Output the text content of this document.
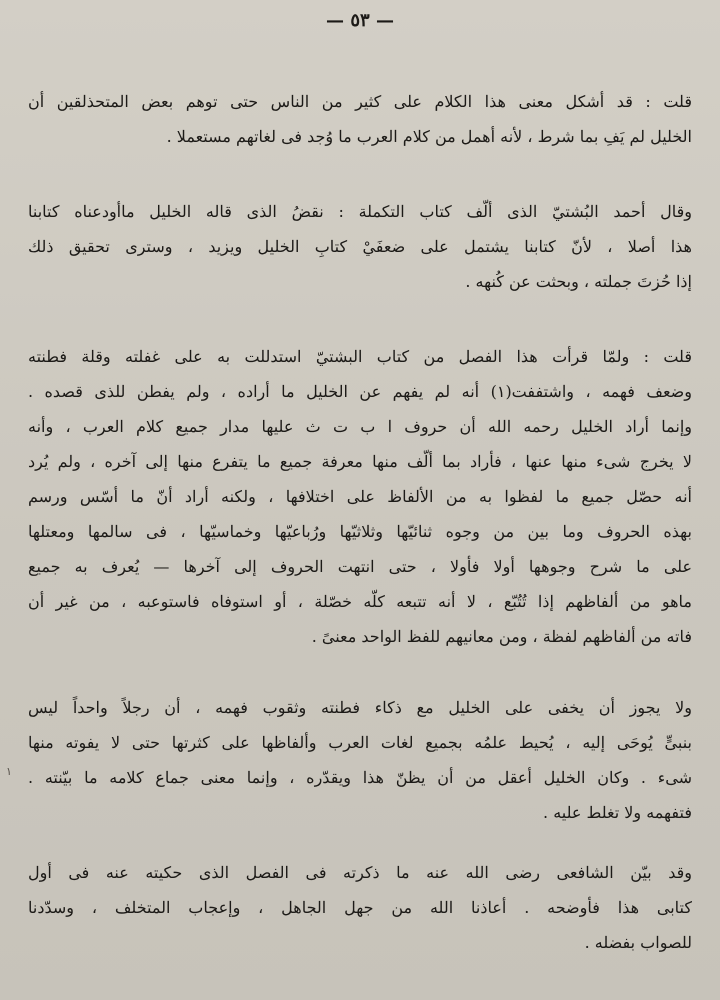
— ٥٣ —
١
قلت : قد أشكل معنى هذا الكلام على كثير من الناس حتى توهم بعض المتحذلقين أن
الخليل لم يَفِ بما شرط ، لأنه أهمل من كلام العرب ما وُجد فى لغاتهم مستعملا .
وقال أحمد البُشتيّ الذى ألّف كتاب التكملة : نقضُ الذى قاله الخليل ماأودعناه كتابنا
هذا أصلا ، لأنّ كتابنا يشتمل على ضعفَيْ كتابِ الخليل ويزيد ، وسترى تحقيق ذلك
إذا حُزتَ جملته ، وبحثت عن كُنهه .
قلت : ولمّا قرأت هذا الفصل من كتاب البشتيّ استدللت به على غفلته وقلة فطنته
وضعف فهمه ، واشتففت(١) أنه لم يفهم عن الخليل ما أراده ، ولم يفطن للذى قصده .
وإنما أراد الخليل رحمه الله أن حروف ا ب ت ث عليها مدار جميع كلام العرب ، وأنه
لا يخرج شىء منها عنها ، فأراد بما ألّف منها معرفة جميع ما يتفرع منها إلى آخره ، ولم يُرد
أنه حصّل جميع ما لفظوا به من الألفاظ على اختلافها ، ولكنه أراد أنّ ما أسّس ورسم
بهذه الحروف وما بين من وجوه ثنائيّها وثلاثيّها ورُباعيّها وخماسيّها ، فى سالمها ومعتلها
على ما شرح وجوهها أولا فأولا ، حتى انتهت الحروف إلى آخرها — يُعرف به جميع
ماهو من ألفاظهم إذا تُتُبّع ، لا أنه تتبعه كلّه خصّلة ، أو استوفاه فاستوعبه ، من غير أن
فاته من ألفاظهم لفظة ، ومن معانيهم للفظ الواحد معنىً .
ولا يجوز أن يخفى على الخليل مع ذكاء فطنته وثقوب فهمه ، أن رجلاً واحداً ليس
بنبىٍّ يُوحَى إليه ، يُحيط علمُه بجميع لغات العرب وألفاظها على كثرتها حتى لا يفوته منها
شىء . وكان الخليل أعقل من أن يظنّ هذا ويقدّره ، وإنما معنى جماع كلامه ما بيّنته .
فتفهمه ولا تغلط عليه .
وقد بيّن الشافعى رضى الله عنه ما ذكرته فى الفصل الذى حكيته عنه فى أول
كتابى هذا فأوضحه . أعاذنا الله من جهل الجاهل ، وإعجاب المتخلف ، وسدّدنا
للصواب بفضله .
